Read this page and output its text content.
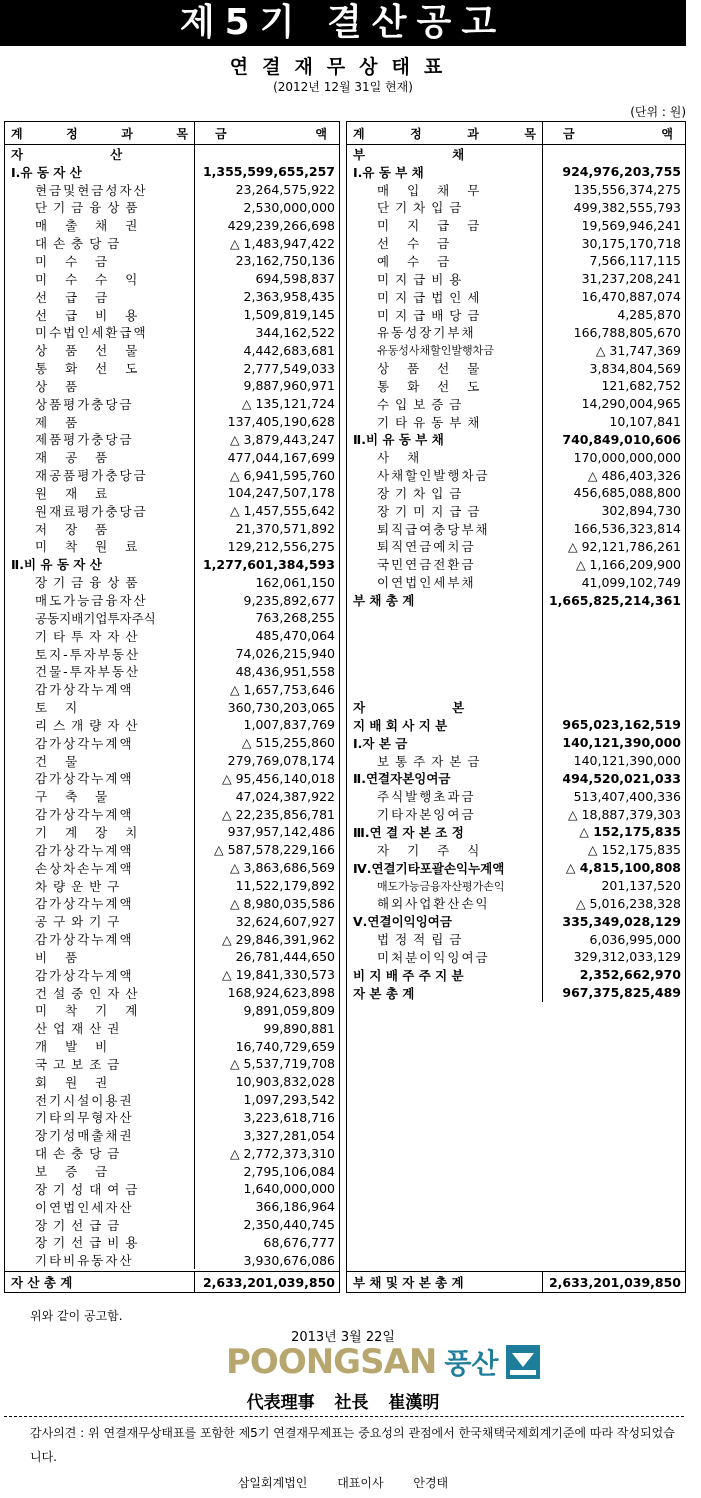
제5기 결산공고
연결재무상태표
(2012년 12월 31일 현재)
(단위 : 원)
계	정	과	목 금	액
자                    산
Ⅰ.유 동 자 산	1,355,599,655,257
현금및현금성자산	23,264,575,922
단기금융상품	2,530,000,000
매출채권	429,239,266,698
대손충당금	△ 1,483,947,422
미수금	23,162,750,136
미수수익	694,598,837
선급금	2,363,958,435
선급비용	1,509,819,145
미수법인세환급액	344,162,522
상품선물	4,442,683,681
통화선도	2,777,549,033
상품	9,887,960,971
상품평가충당금	△ 135,121,724
제품	137,405,190,628
제품평가충당금	△ 3,879,443,247
재공품	477,044,167,699
재공품평가충당금	△ 6,941,595,760
원재료	104,247,507,178
원재료평가충당금	△ 1,457,555,642
저장품	21,370,571,892
미착원료	129,212,556,275
Ⅱ.비 유 동 자 산	1,277,601,384,593
장기금융상품	162,061,150
매도가능금융자산	9,235,892,677
공동지배기업투자주식	763,268,255
기타투자자산	485,470,064
토지-투자부동산	74,026,215,940
건물-투자부동산	48,436,951,558
감가상각누계액	△ 1,657,753,646
토지	360,730,203,065
리스개량자산	1,007,837,769
감가상각누계액	△ 515,255,860
건물	279,769,078,174
감가상각누계액	△ 95,456,140,018
구축물	47,024,387,922
감가상각누계액	△ 22,235,856,781
기계장치	937,957,142,486
감가상각누계액	△ 587,578,229,166
손상차손누계액	△ 3,863,686,569
차량운반구	11,522,179,892
감가상각누계액	△ 8,980,035,586
공구와기구	32,624,607,927
감가상각누계액	△ 29,846,391,962
비품	26,781,444,650
감가상각누계액	△ 19,841,330,573
건설중인자산	168,924,623,898
미착기계	9,891,059,809
산업재산권	99,890,881
개발비	16,740,729,659
국고보조금	△ 5,537,719,708
회원권	10,903,832,028
전기시설이용권	1,097,293,542
기타의무형자산	3,223,618,716
장기성매출채권	3,327,281,054
대손충당금	△ 2,772,373,310
보증금	2,795,106,084
장기성대여금	1,640,000,000
이연법인세자산	366,186,964
장기선급금	2,350,440,745
장기선급비용	68,676,777
기타비유동자산	3,930,676,086
자 산 총 계	2,633,201,039,850
계	정	과	목 금	액
부                    채
Ⅰ.유 동 부 채	924,976,203,755
매입채무	135,556,374,275
단기차입금	499,382,555,793
미지급금	19,569,946,241
선수금	30,175,170,718
예수금	7,566,117,115
미지급비용	31,237,208,241
미지급법인세	16,470,887,074
미지급배당금	4,285,870
유동성장기부채	166,788,805,670
유동성사채할인발행차금	△ 31,747,369
상품선물	3,834,804,569
통화선도	121,682,752
수입보증금	14,290,004,965
기타유동부채	10,107,841
Ⅱ.비 유 동 부 채	740,849,010,606
사채	170,000,000,000
사채할인발행차금	△ 486,403,326
장기차입금	456,685,088,800
장기미지급금	302,894,730
퇴직급여충당부채	166,536,323,814
퇴직연금예치금	△ 92,121,786,261
국민연금전환금	△ 1,166,209,900
이연법인세부채	41,099,102,749
부 채 총 계	1,665,825,214,361
자                    본
지 배 회 사 지 분	965,023,162,519
Ⅰ.자 본 금	140,121,390,000
보통주자본금	140,121,390,000
Ⅱ.연결자본잉여금	494,520,021,033
주식발행초과금	513,407,400,336
기타자본잉여금	△ 18,887,379,303
Ⅲ.연 결 자 본 조 정	△ 152,175,835
자기주식	△ 152,175,835
Ⅳ.연결기타포괄손익누계액	△ 4,815,100,808
매도가능금융자산평가손익	201,137,520
해외사업환산손익	△ 5,016,238,328
Ⅴ.연결이익잉여금	335,349,028,129
법정적립금	6,036,995,000
미처분이익잉여금	329,312,033,129
비 지 배 주 주 지 분	2,352,662,970
자 본 총 계	967,375,825,489
부 채 및 자 본 총 계	2,633,201,039,850
위와 같이 공고함.
2013년 3월 22일
POONGSAN 풍산
代表理事 社長 崔漢明
감사의견 : 위 연결재무상태표를 포함한 제5기 연결재무제표는 중요성의 관점에서 한국채택국제회계기준에 따라 작성되었습니다.
삼일회계법인 대표이사 안경태
